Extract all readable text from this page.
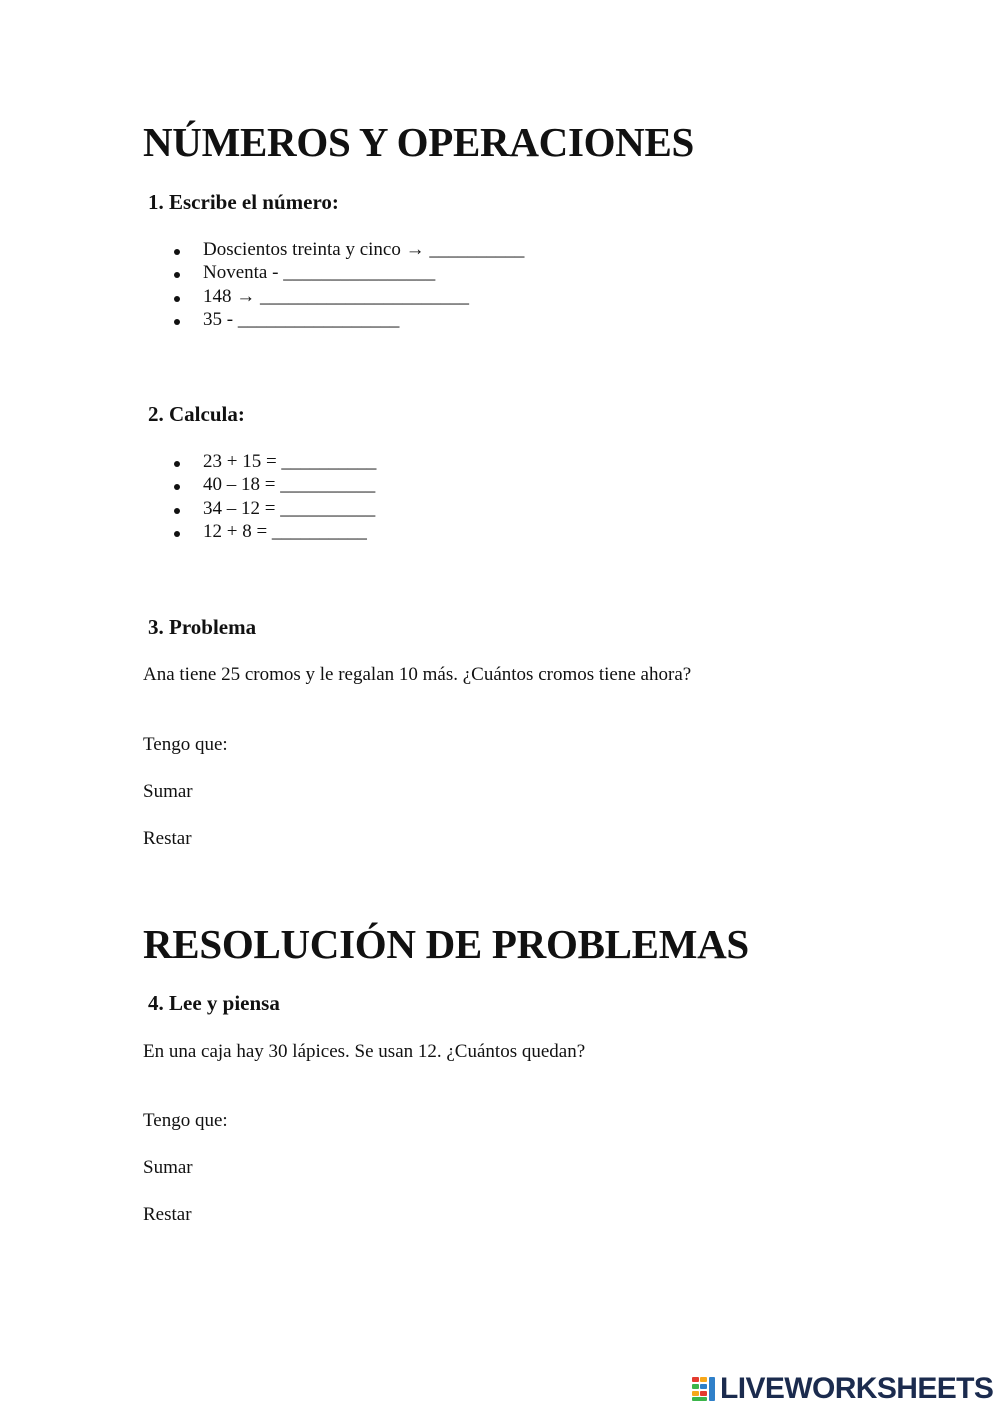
NÚMEROS Y OPERACIONES
1. Escribe el número:
Doscientos treinta y cinco → __________
Noventa - ________________
148 → ______________________
35 - _________________
2. Calcula:
23 + 15 = __________
40 – 18 = __________
34 – 12 = __________
12 + 8 = __________
3. Problema
Ana tiene 25 cromos y le regalan 10 más. ¿Cuántos cromos tiene ahora?
Tengo que:
Sumar
Restar
RESOLUCIÓN DE PROBLEMAS
4. Lee y piensa
En una caja hay 30 lápices. Se usan 12. ¿Cuántos quedan?
Tengo que:
Sumar
Restar
LIVEWORKSHEETS
